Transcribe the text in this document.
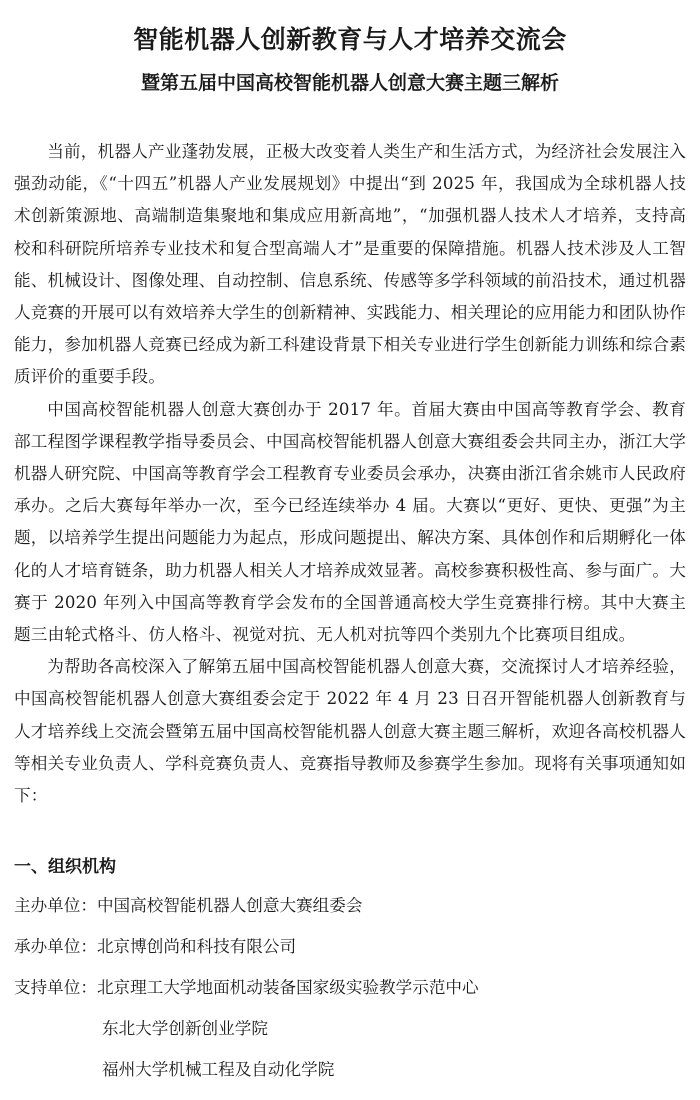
智能机器人创新教育与人才培养交流会
暨第五届中国高校智能机器人创意大赛主题三解析

当前，机器人产业蓬勃发展，正极大改变着人类生产和生活方式，为经济社会发展注入强劲动能，《“十四五”机器人产业发展规划》中提出“到 2025 年，我国成为全球机器人技术创新策源地、高端制造集聚地和集成应用新高地”，“加强机器人技术人才培养，支持高校和科研院所培养专业技术和复合型高端人才”是重要的保障措施。机器人技术涉及人工智能、机械设计、图像处理、自动控制、信息系统、传感等多学科领域的前沿技术，通过机器人竞赛的开展可以有效培养大学生的创新精神、实践能力、相关理论的应用能力和团队协作能力，参加机器人竞赛已经成为新工科建设背景下相关专业进行学生创新能力训练和综合素质评价的重要手段。

中国高校智能机器人创意大赛创办于 2017 年。首届大赛由中国高等教育学会、教育部工程图学课程教学指导委员会、中国高校智能机器人创意大赛组委会共同主办，浙江大学机器人研究院、中国高等教育学会工程教育专业委员会承办，决赛由浙江省余姚市人民政府承办。之后大赛每年举办一次，至今已经连续举办 4 届。大赛以“更好、更快、更强”为主题，以培养学生提出问题能力为起点，形成问题提出、解决方案、具体创作和后期孵化一体化的人才培育链条，助力机器人相关人才培养成效显著。高校参赛积极性高、参与面广。大赛于 2020 年列入中国高等教育学会发布的全国普通高校大学生竞赛排行榜。其中大赛主题三由轮式格斗、仿人格斗、视觉对抗、无人机对抗等四个类别九个比赛项目组成。

为帮助各高校深入了解第五届中国高校智能机器人创意大赛，交流探讨人才培养经验，中国高校智能机器人创意大赛组委会定于 2022 年 4 月 23 日召开智能机器人创新教育与人才培养线上交流会暨第五届中国高校智能机器人创意大赛主题三解析，欢迎各高校机器人等相关专业负责人、学科竞赛负责人、竞赛指导教师及参赛学生参加。现将有关事项通知如下：

一、组织机构

主办单位：中国高校智能机器人创意大赛组委会

承办单位：北京博创尚和科技有限公司

支持单位：北京理工大学地面机动装备国家级实验教学示范中心

东北大学创新创业学院

福州大学机械工程及自动化学院
